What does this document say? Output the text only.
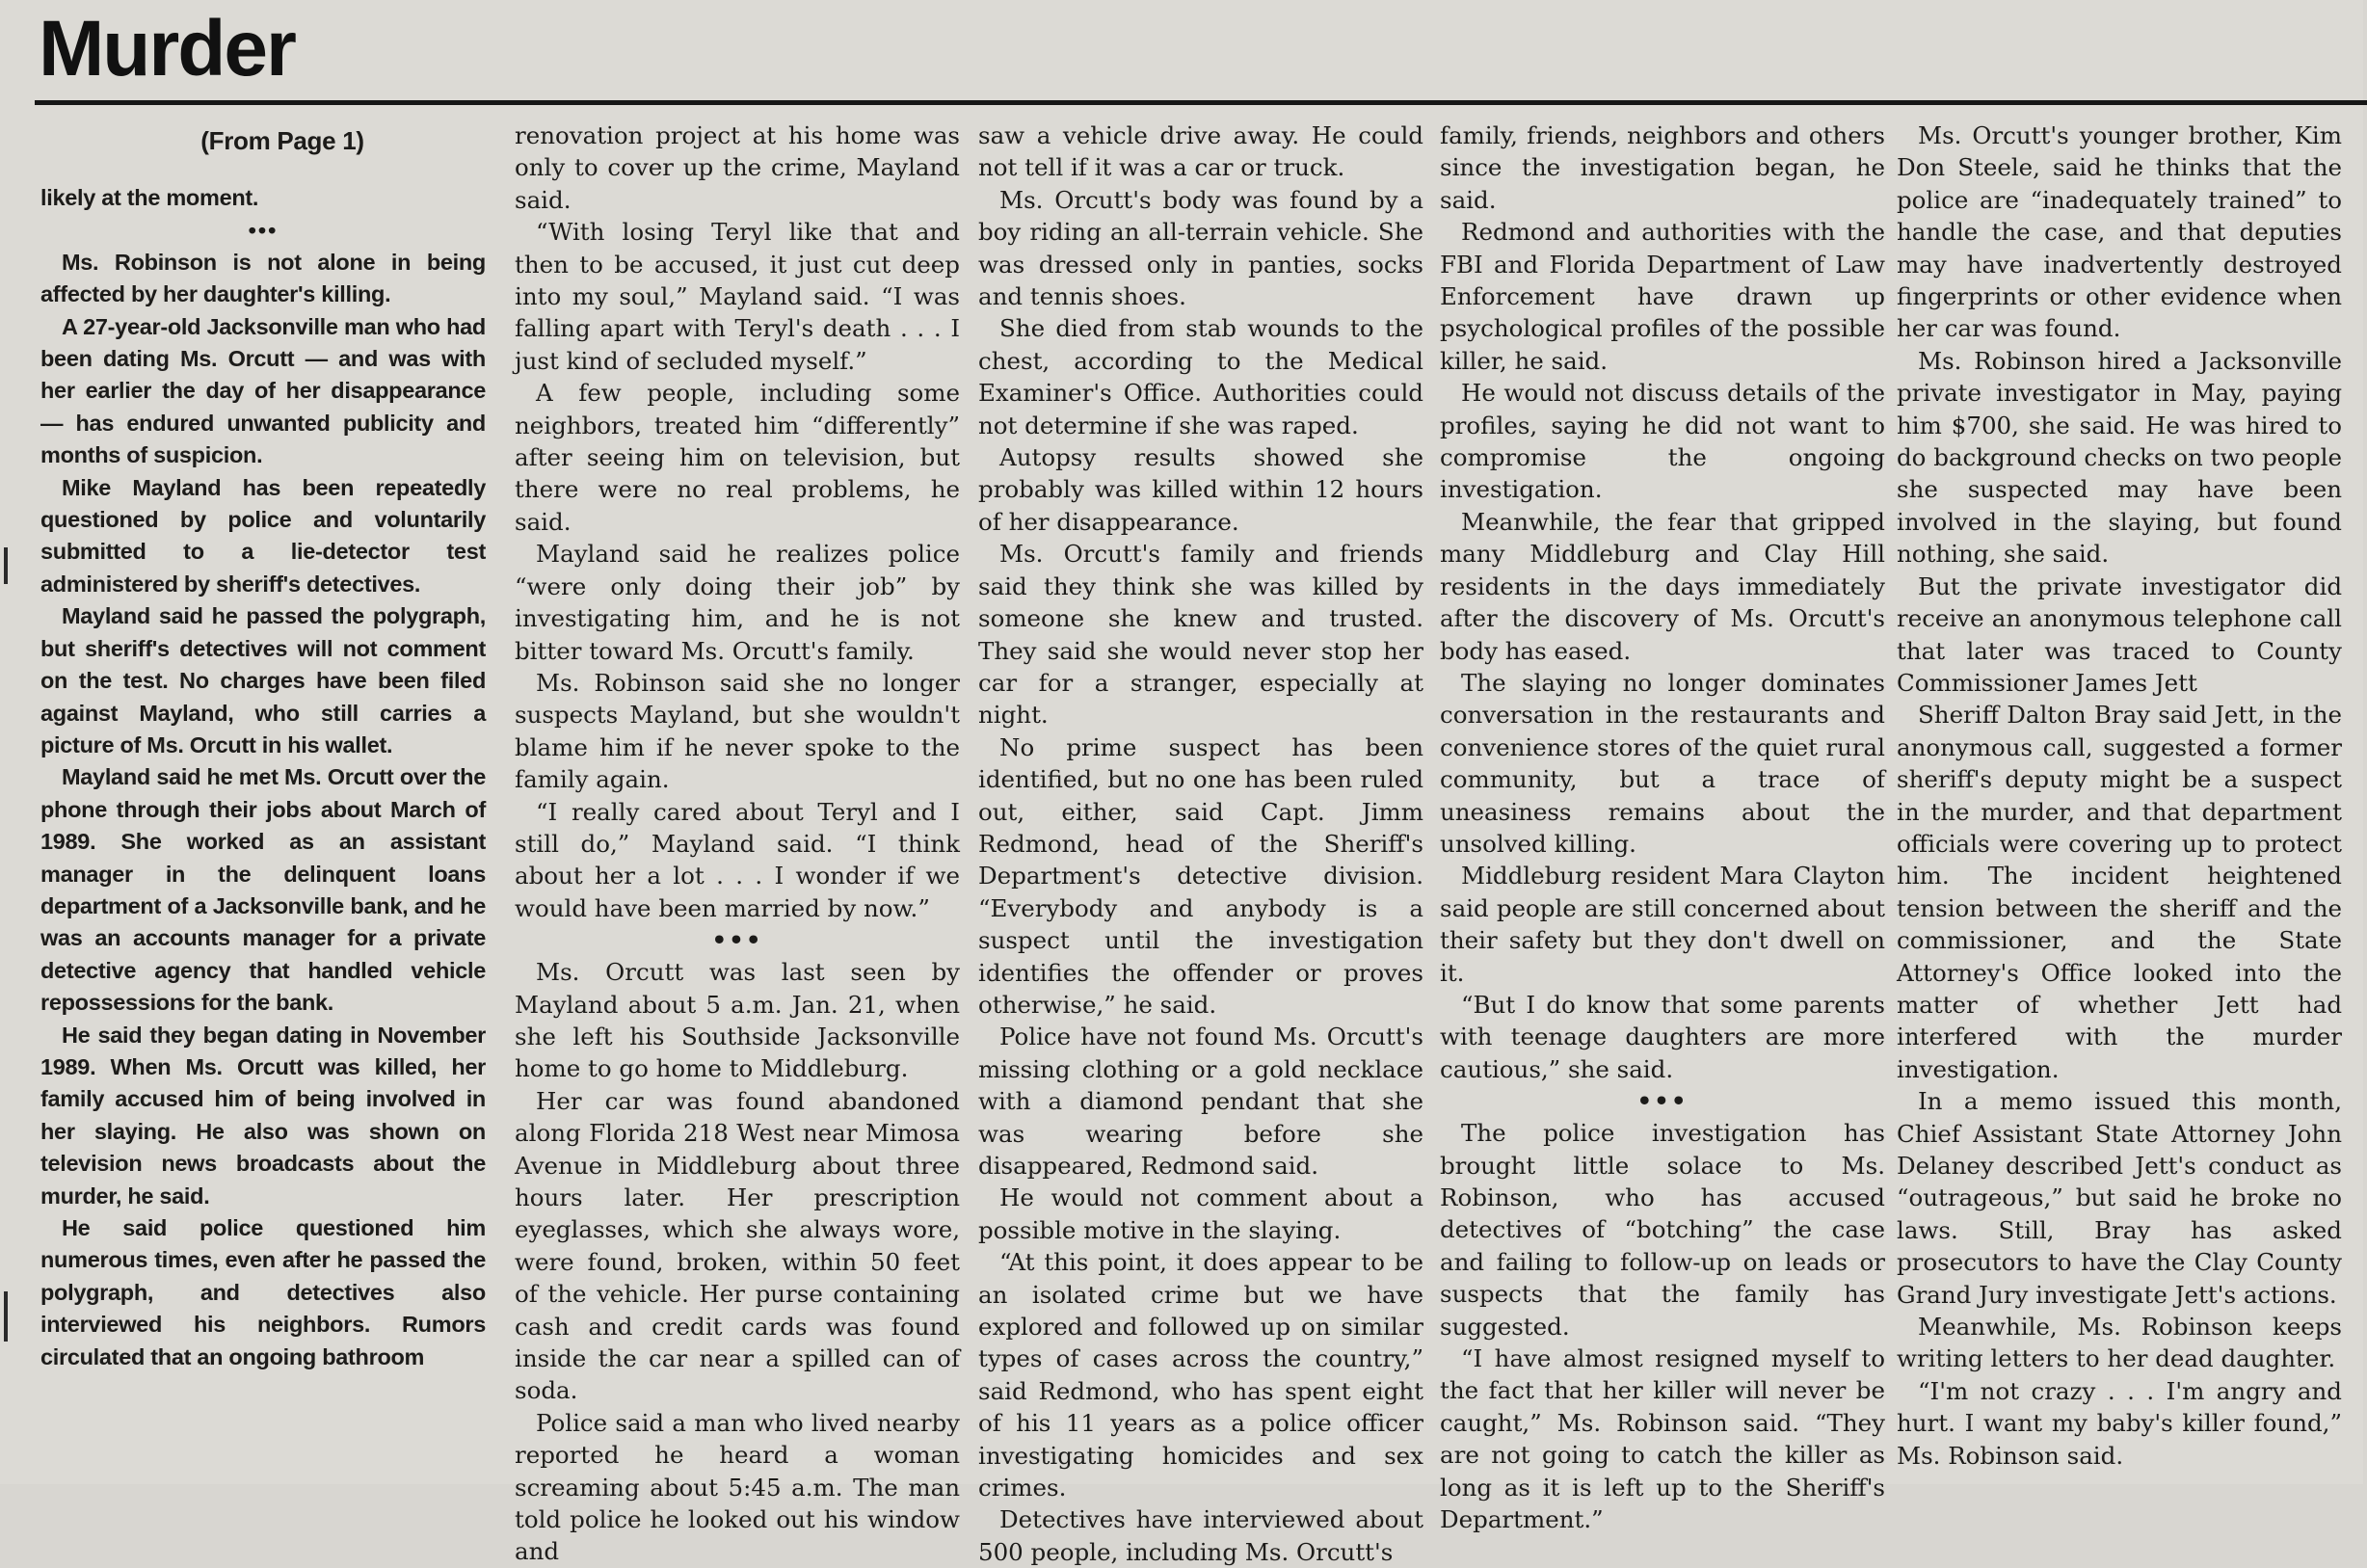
Murder
(From Page 1)

likely at the moment.

•••

Ms. Robinson is not alone in being affected by her daughter's killing.

A 27-year-old Jacksonville man who had been dating Ms. Orcutt — and was with her earlier the day of her disappearance — has endured unwanted publicity and months of suspicion.

Mike Mayland has been repeatedly questioned by police and voluntarily submitted to a lie-detector test administered by sheriff's detectives.

Mayland said he passed the polygraph, but sheriff's detectives will not comment on the test. No charges have been filed against Mayland, who still carries a picture of Ms. Orcutt in his wallet.

Mayland said he met Ms. Orcutt over the phone through their jobs about March of 1989. She worked as an assistant manager in the delinquent loans department of a Jacksonville bank, and he was an accounts manager for a private detective agency that handled vehicle repossessions for the bank.

He said they began dating in November 1989. When Ms. Orcutt was killed, her family accused him of being involved in her slaying. He also was shown on television news broadcasts about the murder, he said.

He said police questioned him numerous times, even after he passed the polygraph, and detectives also interviewed his neighbors. Rumors circulated that an ongoing bathroom

renovation project at his home was only to cover up the crime, Mayland said.

“With losing Teryl like that and then to be accused, it just cut deep into my soul,” Mayland said. “I was falling apart with Teryl's death . . . I just kind of secluded myself.”

A few people, including some neighbors, treated him “differently” after seeing him on television, but there were no real problems, he said.

Mayland said he realizes police “were only doing their job” by investigating him, and he is not bitter toward Ms. Orcutt's family.

Ms. Robinson said she no longer suspects Mayland, but she wouldn't blame him if he never spoke to the family again.

“I really cared about Teryl and I still do,” Mayland said. “I think about her a lot . . . I wonder if we would have been married by now.”

•••

Ms. Orcutt was last seen by Mayland about 5 a.m. Jan. 21, when she left his Southside Jacksonville home to go home to Middleburg.

Her car was found abandoned along Florida 218 West near Mimosa Avenue in Middleburg about three hours later. Her prescription eyeglasses, which she always wore, were found, broken, within 50 feet of the vehicle. Her purse containing cash and credit cards was found inside the car near a spilled can of soda.

Police said a man who lived nearby reported he heard a woman screaming about 5:45 a.m. The man told police he looked out his window and

saw a vehicle drive away. He could not tell if it was a car or truck.

Ms. Orcutt's body was found by a boy riding an all-terrain vehicle. She was dressed only in panties, socks and tennis shoes.

She died from stab wounds to the chest, according to the Medical Examiner's Office. Authorities could not determine if she was raped.

Autopsy results showed she probably was killed within 12 hours of her disappearance.

Ms. Orcutt's family and friends said they think she was killed by someone she knew and trusted. They said she would never stop her car for a stranger, especially at night.

No prime suspect has been identified, but no one has been ruled out, either, said Capt. Jimm Redmond, head of the Sheriff's Department's detective division. “Everybody and anybody is a suspect until the investigation identifies the offender or proves otherwise,” he said.

Police have not found Ms. Orcutt's missing clothing or a gold necklace with a diamond pendant that she was wearing before she disappeared, Redmond said.

He would not comment about a possible motive in the slaying.

“At this point, it does appear to be an isolated crime but we have explored and followed up on similar types of cases across the country,” said Redmond, who has spent eight of his 11 years as a police officer investigating homicides and sex crimes.

Detectives have interviewed about 500 people, including Ms. Orcutt's

family, friends, neighbors and others since the investigation began, he said.

Redmond and authorities with the FBI and Florida Department of Law Enforcement have drawn up psychological profiles of the possible killer, he said.

He would not discuss details of the profiles, saying he did not want to compromise the ongoing investigation.

Meanwhile, the fear that gripped many Middleburg and Clay Hill residents in the days immediately after the discovery of Ms. Orcutt's body has eased.

The slaying no longer dominates conversation in the restaurants and convenience stores of the quiet rural community, but a trace of uneasiness remains about the unsolved killing.

Middleburg resident Mara Clayton said people are still concerned about their safety but they don't dwell on it.

“But I do know that some parents with teenage daughters are more cautious,” she said.

•••

The police investigation has brought little solace to Ms. Robinson, who has accused detectives of “botching” the case and failing to follow-up on leads or suspects that the family has suggested.

“I have almost resigned myself to the fact that her killer will never be caught,” Ms. Robinson said. “They are not going to catch the killer as long as it is left up to the Sheriff's Department.”

Ms. Orcutt's younger brother, Kim Don Steele, said he thinks that the police are “inadequately trained” to handle the case, and that deputies may have inadvertently destroyed fingerprints or other evidence when her car was found.

Ms. Robinson hired a Jacksonville private investigator in May, paying him $700, she said. He was hired to do background checks on two people she suspected may have been involved in the slaying, but found nothing, she said.

But the private investigator did receive an anonymous telephone call that later was traced to County Commissioner James Jett

Sheriff Dalton Bray said Jett, in the anonymous call, suggested a former sheriff's deputy might be a suspect in the murder, and that department officials were covering up to protect him. The incident heightened tension between the sheriff and the commissioner, and the State Attorney's Office looked into the matter of whether Jett had interfered with the murder investigation.

In a memo issued this month, Chief Assistant State Attorney John Delaney described Jett's conduct as “outrageous,” but said he broke no laws. Still, Bray has asked prosecutors to have the Clay County Grand Jury investigate Jett's actions.

Meanwhile, Ms. Robinson keeps writing letters to her dead daughter.

“I'm not crazy . . . I'm angry and hurt. I want my baby's killer found,” Ms. Robinson said.
